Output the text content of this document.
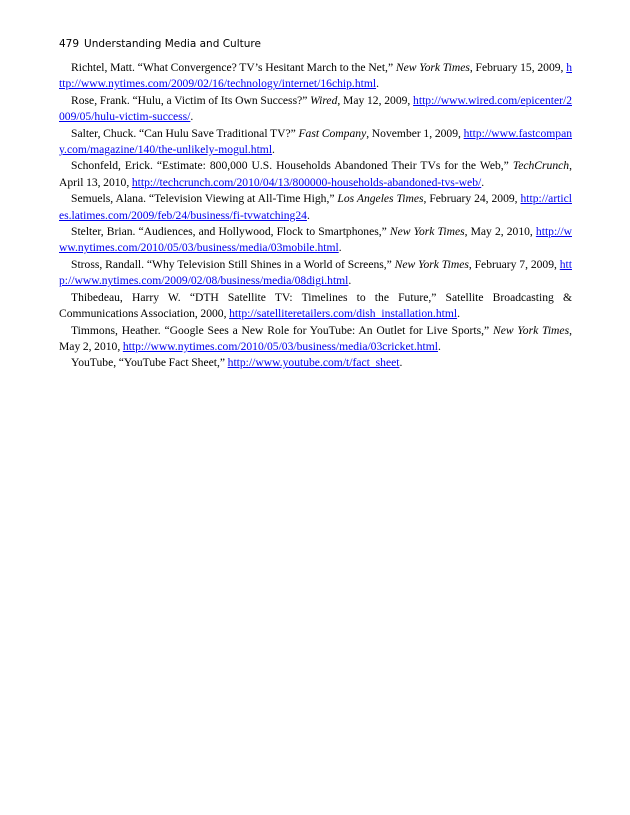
479 Understanding Media and Culture

Richtel, Matt. “What Convergence? TV’s Hesitant March to the Net,” New York Times, February 15, 2009, http://www.nytimes.com/2009/02/16/technology/internet/16chip.html.

Rose, Frank. “Hulu, a Victim of Its Own Success?” Wired, May 12, 2009, http://www.wired.com/epicenter/2009/05/hulu-victim-success/.

Salter, Chuck. “Can Hulu Save Traditional TV?” Fast Company, November 1, 2009, http://www.fastcompany.com/magazine/140/the-unlikely-mogul.html.

Schonfeld, Erick. “Estimate: 800,000 U.S. Households Abandoned Their TVs for the Web,” TechCrunch, April 13, 2010, http://techcrunch.com/2010/04/13/800000-households-abandoned-tvs-web/.

Semuels, Alana. “Television Viewing at All-Time High,” Los Angeles Times, February 24, 2009, http://articles.latimes.com/2009/feb/24/business/fi-tvwatching24.

Stelter, Brian. “Audiences, and Hollywood, Flock to Smartphones,” New York Times, May 2, 2010, http://www.nytimes.com/2010/05/03/business/media/03mobile.html.

Stross, Randall. “Why Television Still Shines in a World of Screens,” New York Times, February 7, 2009, http://www.nytimes.com/2009/02/08/business/media/08digi.html.

Thibedeau, Harry W. “DTH Satellite TV: Timelines to the Future,” Satellite Broadcasting & Communications Association, 2000, http://satelliteretailers.com/dish_installation.html.

Timmons, Heather. “Google Sees a New Role for YouTube: An Outlet for Live Sports,” New York Times, May 2, 2010, http://www.nytimes.com/2010/05/03/business/media/03cricket.html.

YouTube, “YouTube Fact Sheet,” http://www.youtube.com/t/fact_sheet.
